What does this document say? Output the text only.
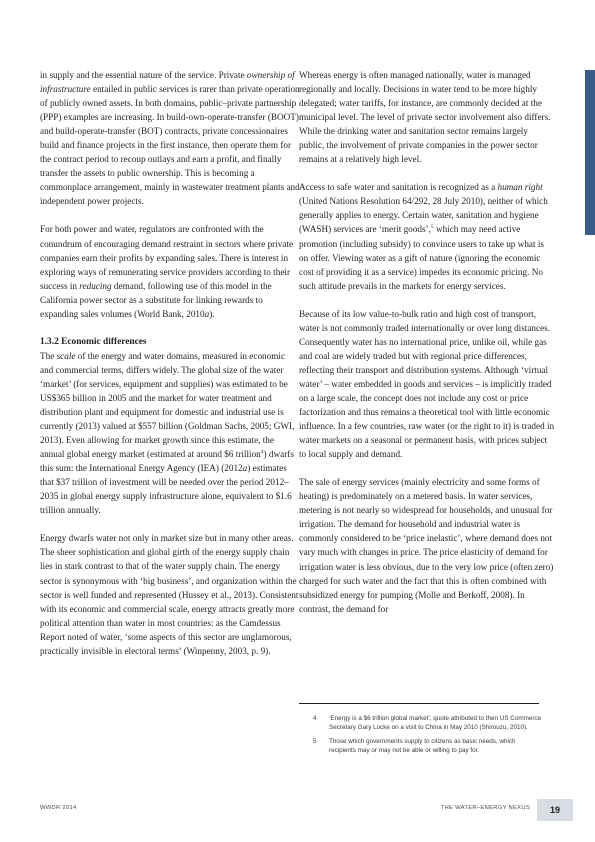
in supply and the essential nature of the service. Private ownership of infrastructure entailed in public services is rarer than private operation of publicly owned assets. In both domains, public–private partnership (PPP) examples are increasing. In build-own-operate-transfer (BOOT) and build-operate-transfer (BOT) contracts, private concessionaires build and finance projects in the first instance, then operate them for the contract period to recoup outlays and earn a profit, and finally transfer the assets to public ownership. This is becoming a commonplace arrangement, mainly in wastewater treatment plants and independent power projects.

For both power and water, regulators are confronted with the conundrum of encouraging demand restraint in sectors where private companies earn their profits by expanding sales. There is interest in exploring ways of remunerating service providers according to their success in reducing demand, following use of this model in the California power sector as a substitute for linking rewards to expanding sales volumes (World Bank, 2010a).

1.3.2 Economic differences

The scale of the energy and water domains, measured in economic and commercial terms, differs widely. The global size of the water ‘market’ (for services, equipment and supplies) was estimated to be US$365 billion in 2005 and the market for water treatment and distribution plant and equipment for domestic and industrial use is currently (2013) valued at $557 billion (Goldman Sachs, 2005; GWI, 2013). Even allowing for market growth since this estimate, the annual global energy market (estimated at around $6 trillion$^4$) dwarfs this sum: the International Energy Agency (IEA) (2012a) estimates that $37 trillion of investment will be needed over the period 2012–2035 in global energy supply infrastructure alone, equivalent to $1.6 trillion annually.

Energy dwarfs water not only in market size but in many other areas. The sheer sophistication and global girth of the energy supply chain lies in stark contrast to that of the water supply chain. The energy sector is synonymous with ‘big business’, and organization within the sector is well funded and represented (Hussey et al., 2013). Consistent with its economic and commercial scale, energy attracts greatly more political attention than water in most countries: as the Camdessus Report noted of water, ‘some aspects of this sector are unglamorous, practically invisible in electoral terms’ (Winpenny, 2003, p. 9).

Whereas energy is often managed nationally, water is managed regionally and locally. Decisions in water tend to be more highly delegated; water tariffs, for instance, are commonly decided at the municipal level. The level of private sector involvement also differs. While the drinking water and sanitation sector remains largely public, the involvement of private companies in the power sector remains at a relatively high level.

Access to safe water and sanitation is recognized as a human right (United Nations Resolution 64/292, 28 July 2010), neither of which generally applies to energy. Certain water, sanitation and hygiene (WASH) services are ‘merit goods’,$^5$ which may need active promotion (including subsidy) to convince users to take up what is on offer. Viewing water as a gift of nature (ignoring the economic cost of providing it as a service) impedes its economic pricing. No such attitude prevails in the markets for energy services.

Because of its low value-to-bulk ratio and high cost of transport, water is not commonly traded internationally or over long distances. Consequently water has no international price, unlike oil, while gas and coal are widely traded but with regional price differences, reflecting their transport and distribution systems. Although ‘virtual water’ – water embedded in goods and services – is implicitly traded on a large scale, the concept does not include any cost or price factorization and thus remains a theoretical tool with little economic influence. In a few countries, raw water (or the right to it) is traded in water markets on a seasonal or permanent basis, with prices subject to local supply and demand.

The sale of energy services (mainly electricity and some forms of heating) is predominately on a metered basis. In water services, metering is not nearly so widespread for households, and unusual for irrigation. The demand for household and industrial water is commonly considered to be ‘price inelastic’, where demand does not vary much with changes in price. The price elasticity of demand for irrigation water is less obvious, due to the very low price (often zero) charged for such water and the fact that this is often combined with subsidized energy for pumping (Molle and Berkoff, 2008). In contrast, the demand for

4	‘Energy is a $6 trillion global market’, quote attributed to then US Commerce Secretary Gary Locke on a visit to China in May 2010 (Shirouzu, 2010).
5	Those which governments supply to citizens as basic needs, which recipients may or may not be able or willing to pay for.
WWDR 2014	THE WATER–ENERGY NEXUS	19
